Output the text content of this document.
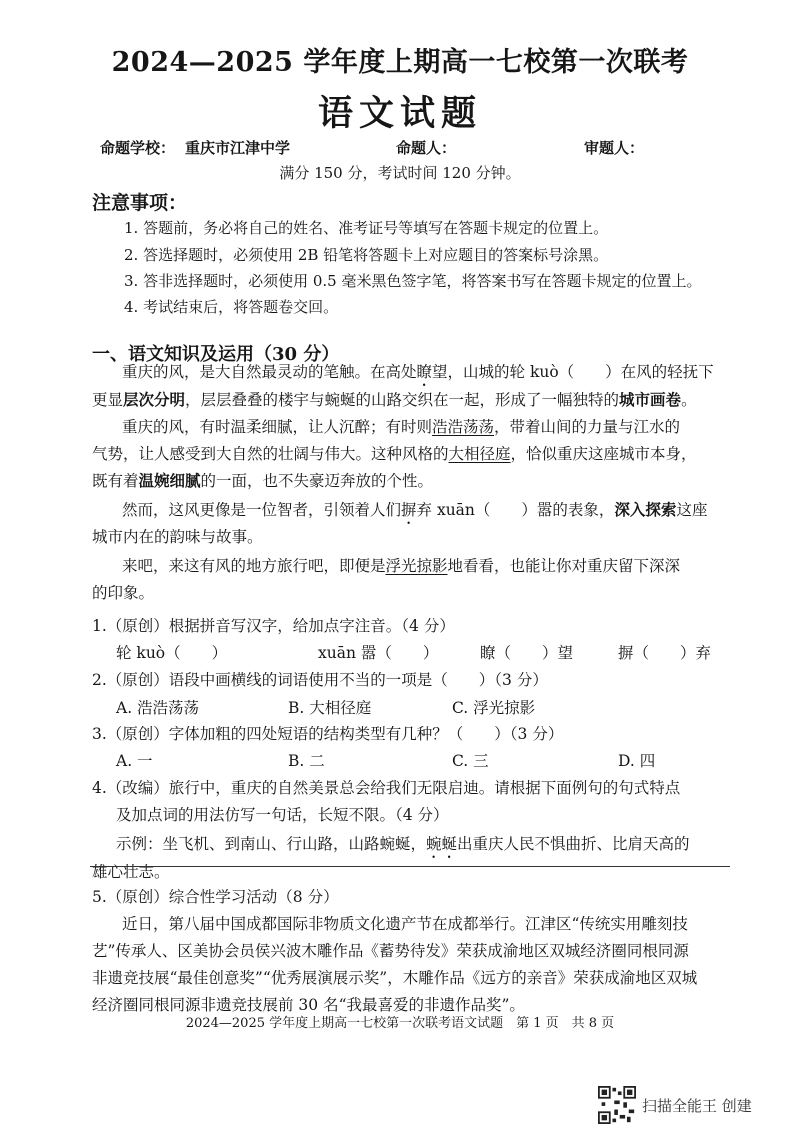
2024—2025 学年度上期高一七校第一次联考
语文试题
命题学校： 重庆市江津中学	命题人：	审题人：
满分 150 分，考试时间 120 分钟。
注意事项：
1. 答题前，务必将自己的姓名、准考证号等填写在答题卡规定的位置上。
2. 答选择题时，必须使用 2B 铅笔将答题卡上对应题目的答案标号涂黑。
3. 答非选择题时，必须使用 0.5 毫米黑色签字笔，将答案书写在答题卡规定的位置上。
4. 考试结束后，将答题卷交回。
一、语文知识及运用（30 分）
重庆的风，是大自然最灵动的笔触。在高处瞭望，山城的轮 kuò（　　）在风的轻抚下
更显层次分明，层层叠叠的楼宇与蜿蜒的山路交织在一起，形成了一幅独特的城市画卷。
重庆的风，有时温柔细腻，让人沉醉；有时则浩浩荡荡，带着山间的力量与江水的
气势，让人感受到大自然的壮阔与伟大。这种风格的大相径庭，恰似重庆这座城市本身，
既有着温婉细腻的一面，也不失豪迈奔放的个性。
然而，这风更像是一位智者，引领着人们摒弃 xuān（　　）嚣的表象，深入探索这座
城市内在的韵味与故事。
来吧，来这有风的地方旅行吧，即便是浮光掠影地看看，也能让你对重庆留下深深
的印象。
1.（原创）根据拼音写汉字，给加点字注音。（4 分）
轮 kuò（　　）	xuān 嚣（　　）	瞭（　　）望	摒（　　）弃
2.（原创）语段中画横线的词语使用不当的一项是（　　）（3 分）
A. 浩浩荡荡	B. 大相径庭	C. 浮光掠影
3.（原创）字体加粗的四处短语的结构类型有几种？（　　）（3 分）
A. 一	B. 二	C. 三	D. 四
4.（改编）旅行中，重庆的自然美景总会给我们无限启迪。请根据下面例句的句式特点
及加点词的用法仿写一句话，长短不限。（4 分）
示例：坐飞机、到南山、行山路，山路蜿蜒，蜿蜒出重庆人民不惧曲折、比肩天高的
雄心壮志。
5.（原创）综合性学习活动（8 分）
近日，第八届中国成都国际非物质文化遗产节在成都举行。江津区“传统实用雕刻技
艺”传承人、区美协会员侯兴波木雕作品《蓄势待发》荣获成渝地区双城经济圈同根同源
非遗竞技展“最佳创意奖”“优秀展演展示奖”，木雕作品《远方的亲音》荣获成渝地区双城
经济圈同根同源非遗竞技展前 30 名“我最喜爱的非遗作品奖”。
2024—2025 学年度上期高一七校第一次联考语文试题　第 1 页　共 8 页
扫描全能王 创建
